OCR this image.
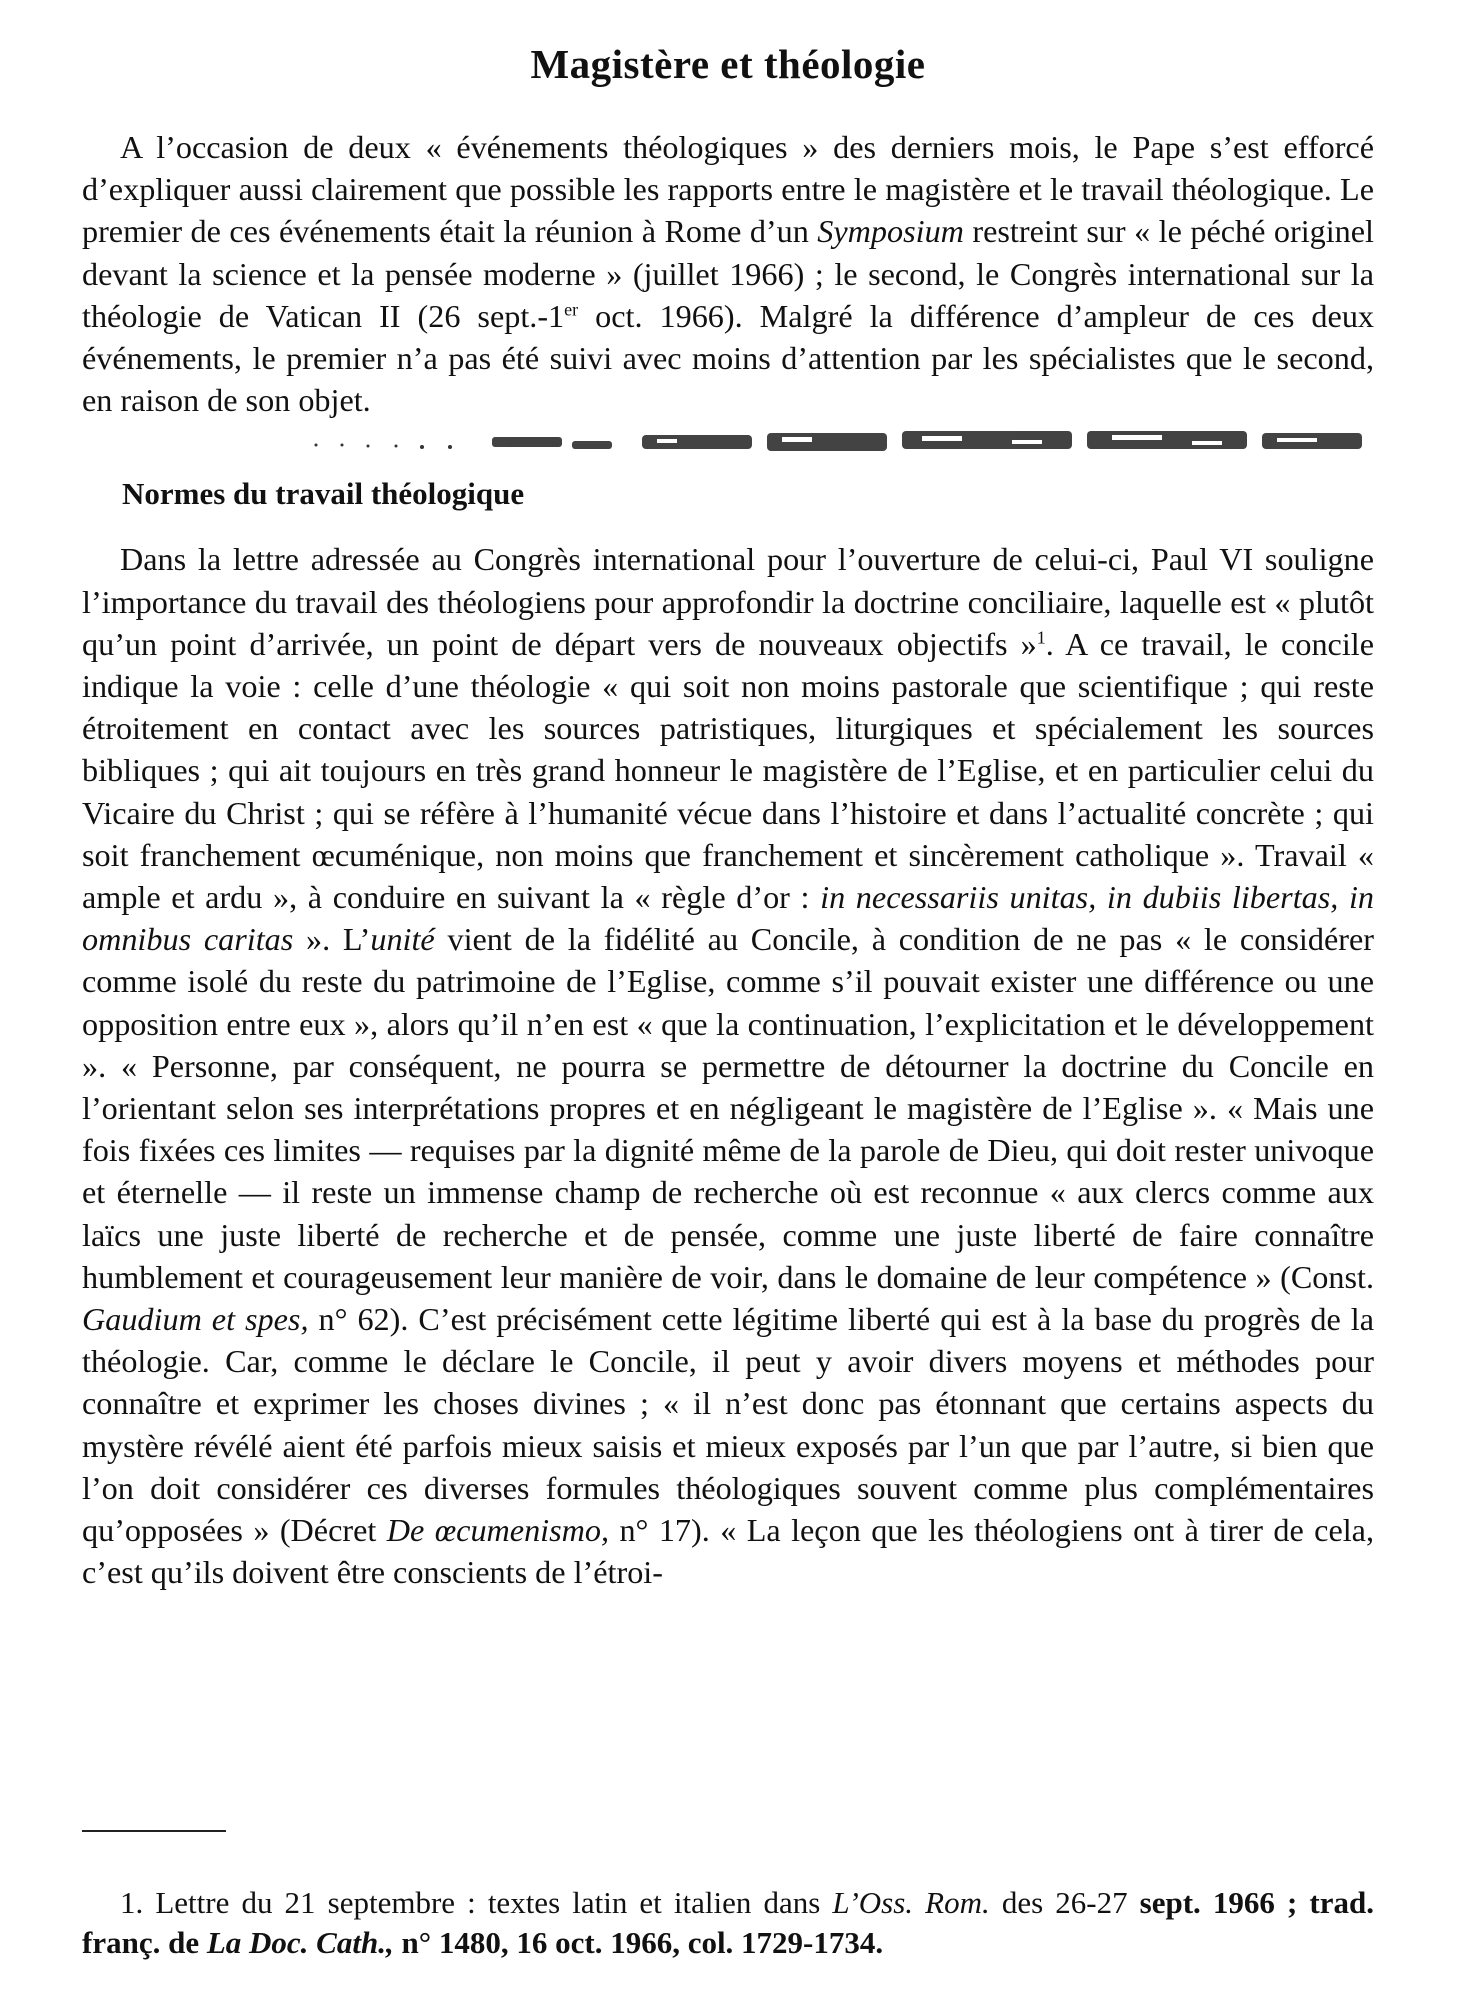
Magistère et théologie

A l’occasion de deux « événements théologiques » des derniers mois, le Pape s’est efforcé d’expliquer aussi clairement que possible les rapports entre le magistère et le travail théologique. Le premier de ces événements était la réunion à Rome d’un Symposium restreint sur « le péché originel devant la science et la pensée moderne » (juillet 1966) ; le second, le Congrès international sur la théologie de Vatican II (26 sept.-1er oct. 1966). Malgré la différence d’ampleur de ces deux événements, le premier n’a pas été suivi avec moins d’attention par les spécialistes que le second, en raison de son objet.

Normes du travail théologique

Dans la lettre adressée au Congrès international pour l’ouverture de celui-ci, Paul VI souligne l’importance du travail des théologiens pour approfondir la doctrine conciliaire, laquelle est « plutôt qu’un point d’arrivée, un point de départ vers de nouveaux objectifs »$^1$. A ce travail, le concile indique la voie : celle d’une théologie « qui soit non moins pastorale que scientifique ; qui reste étroitement en contact avec les sources patristiques, liturgiques et spécialement les sources bibliques ; qui ait toujours en très grand honneur le magistère de l’Eglise, et en particulier celui du Vicaire du Christ ; qui se réfère à l’humanité vécue dans l’histoire et dans l’actualité concrète ; qui soit franchement œcuménique, non moins que franchement et sincèrement catholique ». Travail « ample et ardu », à conduire en suivant la « règle d’or : in necessariis unitas, in dubiis libertas, in omnibus caritas ». L’unité vient de la fidélité au Concile, à condition de ne pas « le considérer comme isolé du reste du patrimoine de l’Eglise, comme s’il pouvait exister une différence ou une opposition entre eux », alors qu’il n’en est « que la continuation, l’explicitation et le développement ». « Personne, par conséquent, ne pourra se permettre de détourner la doctrine du Concile en l’orientant selon ses interprétations propres et en négligeant le magistère de l’Eglise ». « Mais une fois fixées ces limites — requises par la dignité même de la parole de Dieu, qui doit rester univoque et éternelle — il reste un immense champ de recherche où est reconnue « aux clercs comme aux laïcs une juste liberté de recherche et de pensée, comme une juste liberté de faire connaître humblement et courageusement leur manière de voir, dans le domaine de leur compétence » (Const. Gaudium et spes, n° 62). C’est précisément cette légitime liberté qui est à la base du progrès de la théologie. Car, comme le déclare le Concile, il peut y avoir divers moyens et méthodes pour connaître et exprimer les choses divines ; « il n’est donc pas étonnant que certains aspects du mystère révélé aient été parfois mieux saisis et mieux exposés par l’un que par l’autre, si bien que l’on doit considérer ces diverses formules théologiques souvent comme plus complémentaires qu’opposées » (Décret De œcumenismo, n° 17). « La leçon que les théologiens ont à tirer de cela, c’est qu’ils doivent être conscients de l’étroi-

1. Lettre du 21 septembre : textes latin et italien dans L’Oss. Rom. des 26-27 sept. 1966 ; trad. franç. de La Doc. Cath., n° 1480, 16 oct. 1966, col. 1729-1734.
